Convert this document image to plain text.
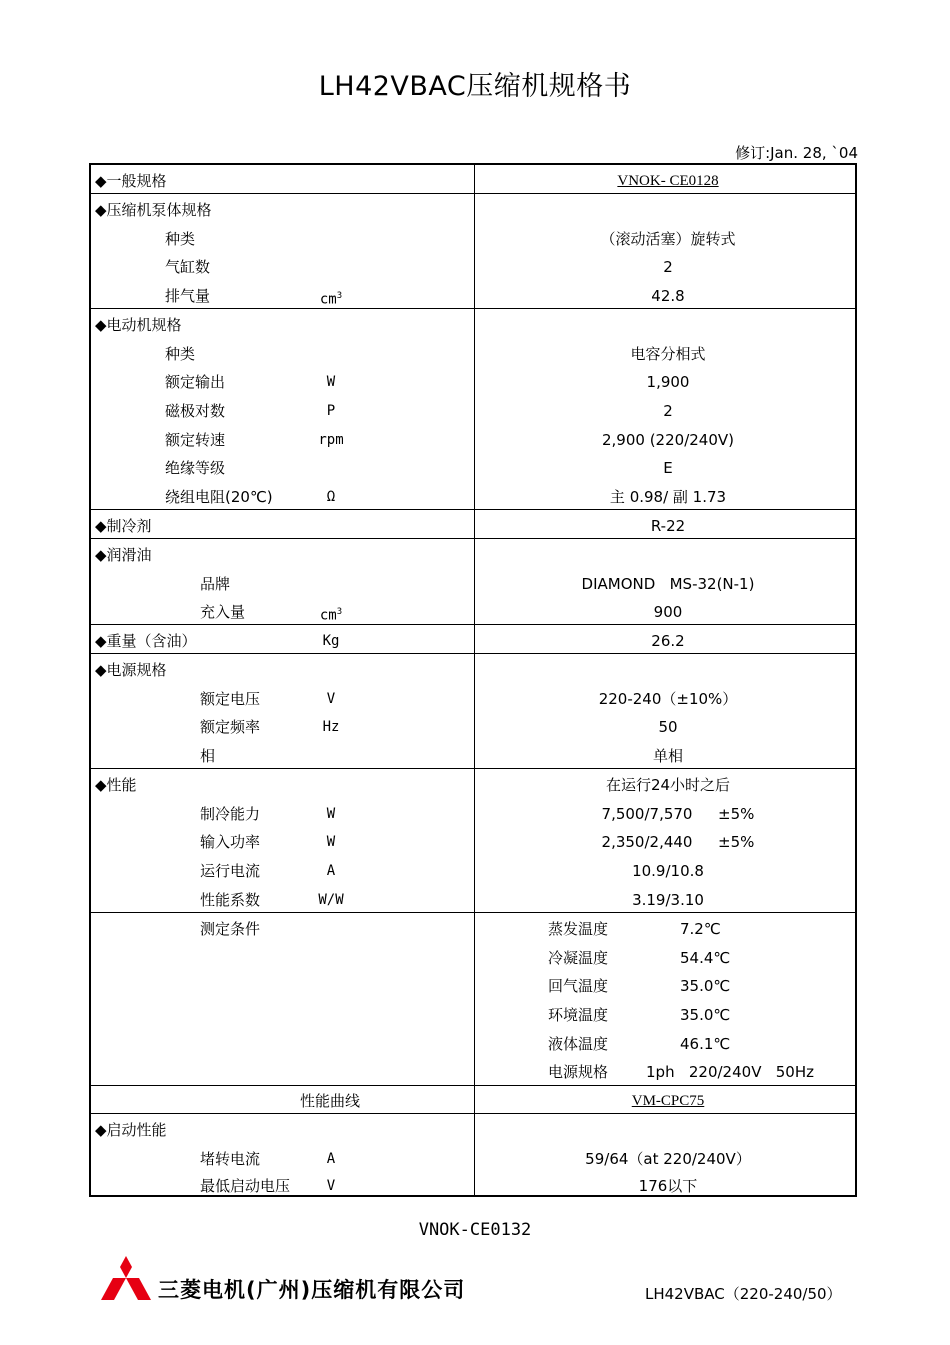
LH42VBAC压缩机规格书
修订:Jan. 28, `04
◆一般规格	VNOK- CE0128
◆压缩机泵体规格
种类	（滚动活塞）旋转式
气缸数	2
排气量	$cm^3$	42.8
◆电动机规格
种类	电容分相式
额定输出	W	1,900
磁极对数	P	2
额定转速	rpm	2,900 (220/240V)
绝缘等级	E
绕组电阻(20℃)	Ω	主 0.98/ 副 1.73
◆制冷剂	R-22
◆润滑油
品牌	DIAMOND   MS-32(N-1)
充入量	$cm^3$	900
◆重量（含油）	Kg	26.2
◆电源规格
额定电压	V	220-240（±10%）
额定频率	Hz	50
相	单相
◆性能	在运行24小时之后
制冷能力	W	7,500/7,570 ±5%
输入功率	W	2,350/2,440 ±5%
运行电流	A	10.9/10.8
性能系数	W/W	3.19/3.10
测定条件	蒸发温度	7.2℃
冷凝温度	54.4℃
回气温度	35.0℃
环境温度	35.0℃
液体温度	46.1℃
电源规格	1ph   220/240V   50Hz
性能曲线	VM-CPC75
◆启动性能
堵转电流	A	59/64（at 220/240V）
最低启动电压	V	176以下
VNOK-CE0132
三菱电机(广州)压缩机有限公司	LH42VBAC（220-240/50）
